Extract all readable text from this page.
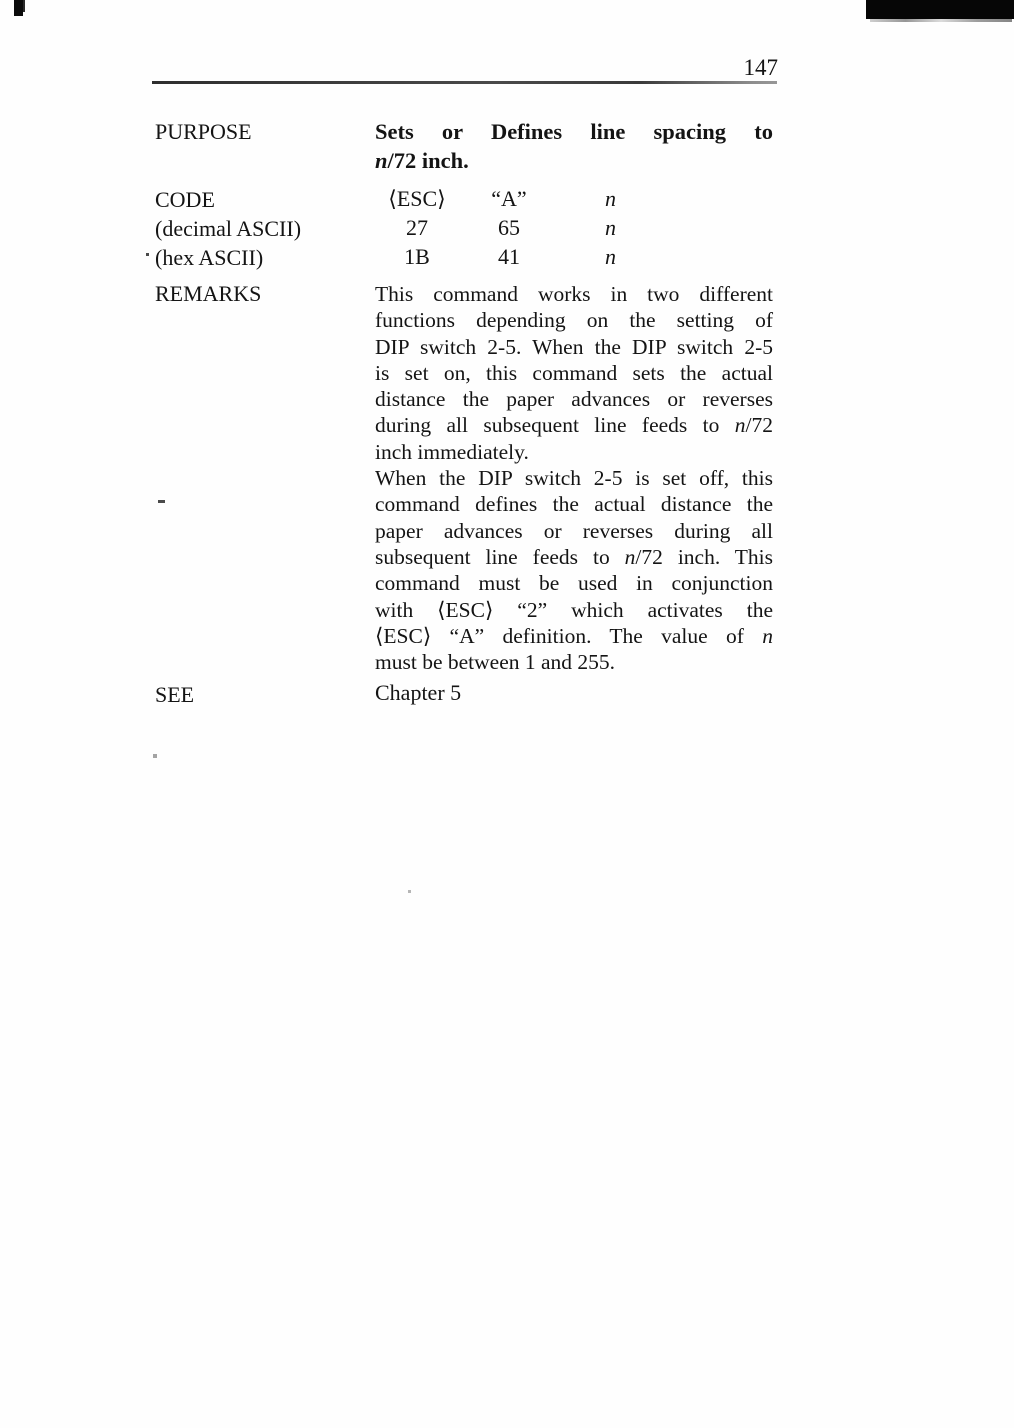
147
PURPOSE	Sets or Defines line spacing to
n/72 inch.
CODE	⟨ESC⟩	“A”	n
(decimal ASCII)	27	65	n
(hex ASCII)	1B	41	n
REMARKS	This command works in two different
functions depending on the setting of
DIP switch 2-5. When the DIP switch 2-5
is set on, this command sets the actual
distance the paper advances or reverses
during all subsequent line feeds to n/72
inch immediately.
When the DIP switch 2-5 is set off, this
command defines the actual distance the
paper advances or reverses during all
subsequent line feeds to n/72 inch. This
command must be used in conjunction
with ⟨ESC⟩ “2” which activates the
⟨ESC⟩ “A” definition. The value of n
must be between 1 and 255.
SEE	Chapter 5
